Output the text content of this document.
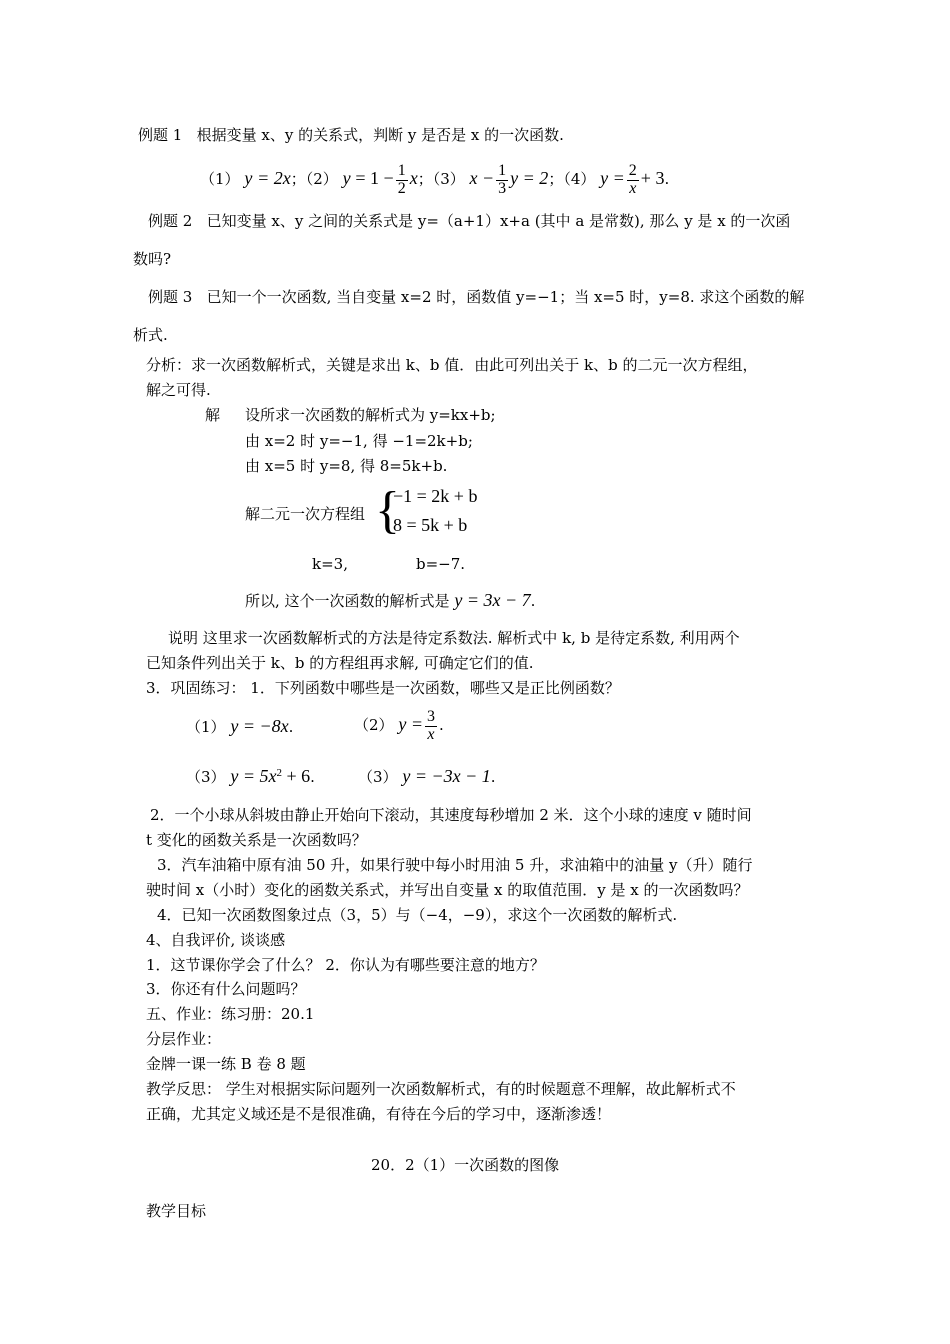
例题 1 根据变量 x、y 的关系式，判断 y 是否是 x 的一次函数.
（1） y = 2x；（2） $y = 1 - \frac{1}{2}$ x；（3） $x - \frac{1}{3}$ y = 2；（4） $y = \frac{2}{x} + 3$.
例题 2 已知变量 x、y 之间的关系式是 y=（a+1）x+a (其中 a 是常数), 那么 y 是 x 的一次函
数吗?
例题 3 已知一个一次函数, 当自变量 x=2 时，函数值 y=−1；当 x=5 时，y=8. 求这个函数的解
析式.
分析：求一次函数解析式，关键是求出 k、b 值．由此可列出关于 k、b 的二元一次方程组，
解之可得.
解 设所求一次函数的解析式为 y=kx+b;
由 x=2 时 y=−1, 得 −1=2k+b;
由 x=5 时 y=8, 得 8=5k+b.
解二元一次方程组 {
−1 = 2k + b
8 = 5k + b
k=3,	b=−7.
所以, 这个一次函数的解析式是 y = 3x − 7.
说明 这里求一次函数解析式的方法是待定系数法. 解析式中 k, b 是待定系数, 利用两个
已知条件列出关于 k、b 的方程组再求解, 可确定它们的值.
3．巩固练习： 1．下列函数中哪些是一次函数，哪些又是正比例函数？
（1） y = −8x.	（2） $y = \frac{3}{x}$ .
（3） $y = 5x^2 + 6$.	（3） y = −3x − 1.
2．一个小球从斜坡由静止开始向下滚动，其速度每秒增加 2 米．这个小球的速度 v 随时间
t 变化的函数关系是一次函数吗？
3．汽车油箱中原有油 50 升，如果行驶中每小时用油 5 升，求油箱中的油量 y（升）随行
驶时间 x（小时）变化的函数关系式，并写出自变量 x 的取值范围．y 是 x 的一次函数吗？
4．已知一次函数图象过点（3，5）与（−4，−9），求这个一次函数的解析式.
4、自我评价, 谈谈感
1．这节课你学会了什么？ 2．你认为有哪些要注意的地方？
3．你还有什么问题吗？
五、作业：练习册：20.1
分层作业：
金牌一课一练 B 卷 8 题
教学反思： 学生对根据实际问题列一次函数解析式，有的时候题意不理解，故此解析式不
正确，尤其定义域还是不是很准确，有待在今后的学习中，逐渐渗透！
20．2（1）一次函数的图像
教学目标
